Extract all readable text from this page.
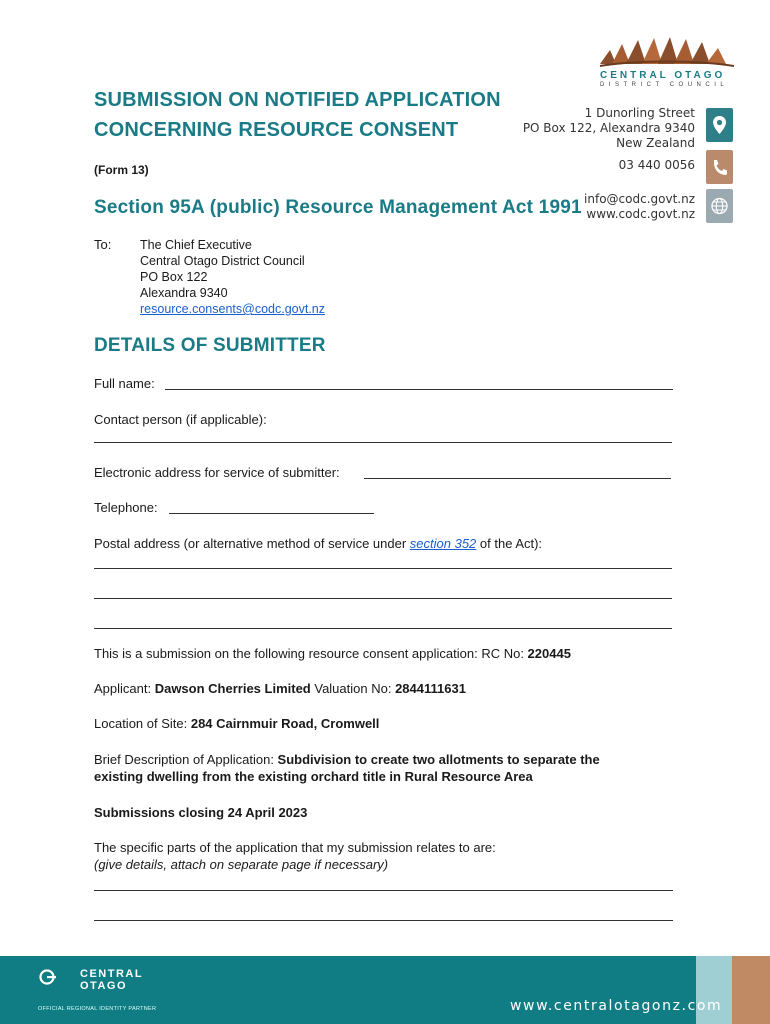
CENTRAL OTAGO
DISTRICT COUNCIL
1 Dunorling Street
PO Box 122, Alexandra 9340
New Zealand
03 440 0056
info@codc.govt.nz
www.codc.govt.nz
SUBMISSION ON NOTIFIED APPLICATION
CONCERNING RESOURCE CONSENT
(Form 13)
Section 95A (public) Resource Management Act 1991
To: The Chief Executive
Central Otago District Council
PO Box 122
Alexandra 9340
resource.consents@codc.govt.nz
DETAILS OF SUBMITTER
Full name:
Contact person (if applicable):
Electronic address for service of submitter:
Telephone:
Postal address (or alternative method of service under section 352 of the Act):
This is a submission on the following resource consent application: RC No: 220445
Applicant: Dawson Cherries Limited Valuation No: 2844111631
Location of Site: 284 Cairnmuir Road, Cromwell
Brief Description of Application: Subdivision to create two allotments to separate the
existing dwelling from the existing orchard title in Rural Resource Area
Submissions closing 24 April 2023
The specific parts of the application that my submission relates to are:
(give details, attach on separate page if necessary)
CENTRAL
OTAGO
OFFICIAL REGIONAL IDENTITY PARTNER	www.centralotagonz.com
